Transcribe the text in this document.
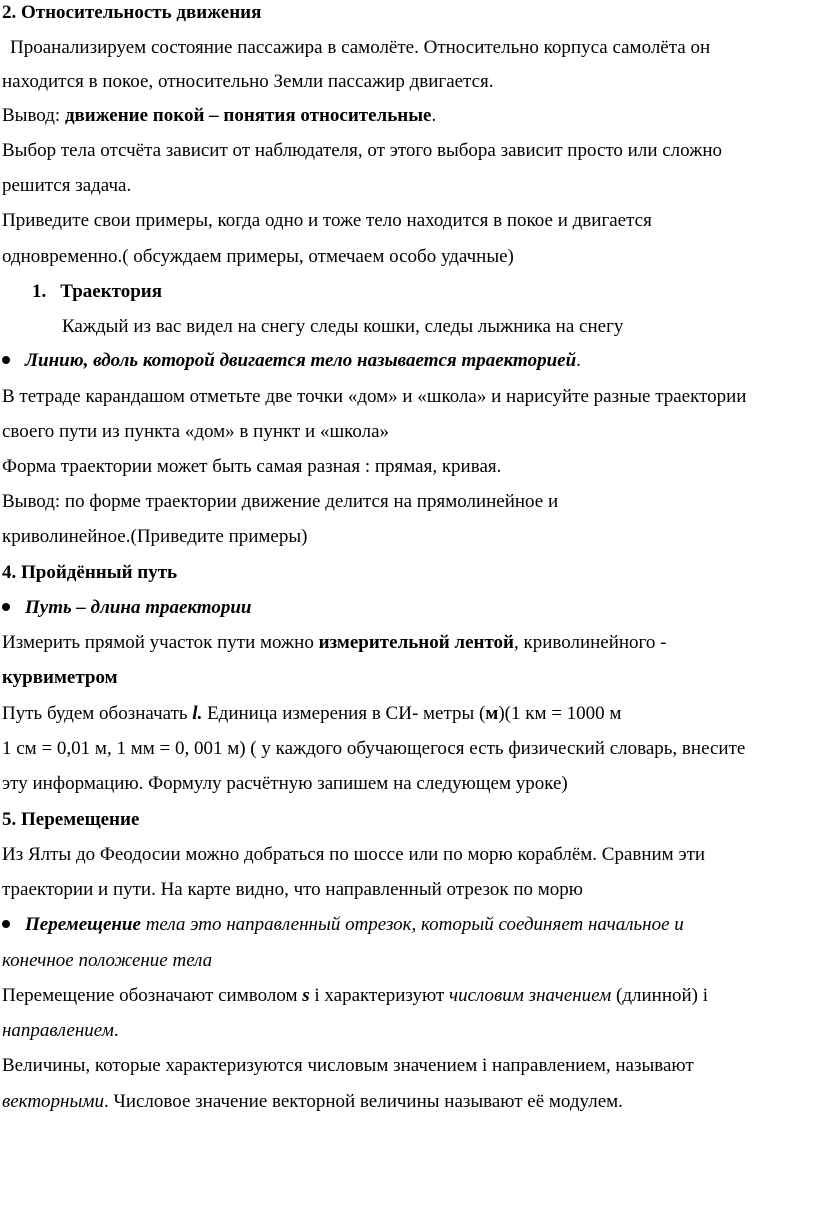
2. Относительность движения
Проанализируем состояние пассажира в самолёте. Относительно корпуса самолёта он
находится в покое, относительно Земли пассажир двигается.
Вывод: движение покой – понятия относительные.
Выбор тела отсчёта зависит от наблюдателя, от этого выбора зависит просто или сложно
решится задача.
Приведите свои примеры, когда одно и тоже тело находится в покое и двигается
одновременно.( обсуждаем примеры, отмечаем особо удачные)
1. Траектория
Каждый из вас видел на снегу следы кошки, следы лыжника на снегу
Линию, вдоль которой двигается тело называется траекторией.
В тетраде карандашом отметьте две точки «дом» и «школа» и нарисуйте разные траектории
своего пути из пункта «дом» в пункт и «школа»
Форма траектории может быть самая разная : прямая, кривая.
Вывод: по форме траектории движение делится на прямолинейное и
криволинейное.(Приведите примеры)
4. Пройдённый путь
Путь – длина траектории
Измерить прямой участок пути можно измерительной лентой, криволинейного -
курвиметром
Путь будем обозначать l. Единица измерения в СИ- метры (м)(1 км = 1000 м
1 см = 0,01 м, 1 мм = 0, 001 м) ( у каждого обучающегося есть физический словарь, внесите
эту информацию. Формулу расчётную запишем на следующем уроке)
5. Перемещение
Из Ялты до Феодосии можно добраться по шоссе или по морю кораблём. Сравним эти
траектории и пути. На карте видно, что направленный отрезок по морю
Перемещение тела это направленный отрезок, который соединяет начальное и
конечное положение тела
Перемещение обозначают символом s і характеризуют числовим значением (длинной) і
направлением.
Величины, которые характеризуются числовым значением і направлением, называют
векторными. Числовое значение векторной величины называют её модулем.
